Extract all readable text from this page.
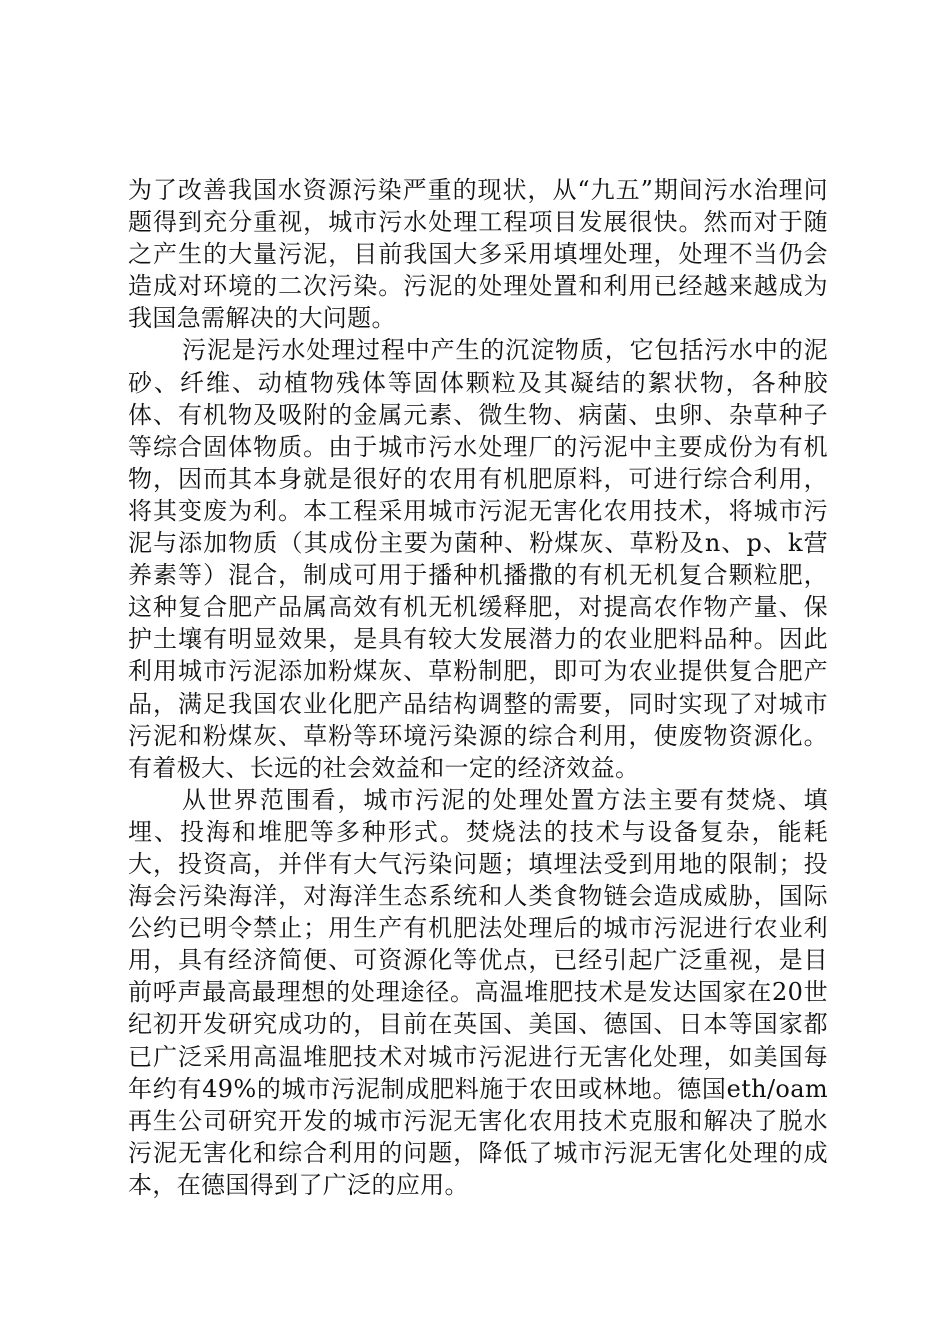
为了改善我国水资源污染严重的现状，从“九五”期间污水治理问题得到充分重视，城市污水处理工程项目发展很快。然而对于随之产生的大量污泥，目前我国大多采用填埋处理，处理不当仍会造成对环境的二次污染。污泥的处理处置和利用已经越来越成为我国急需解决的大问题。

污泥是污水处理过程中产生的沉淀物质，它包括污水中的泥砂、纤维、动植物残体等固体颗粒及其凝结的絮状物，各种胶体、有机物及吸附的金属元素、微生物、病菌、虫卵、杂草种子等综合固体物质。由于城市污水处理厂的污泥中主要成份为有机物，因而其本身就是很好的农用有机肥原料，可进行综合利用，将其变废为利。本工程采用城市污泥无害化农用技术，将城市污泥与添加物质（其成份主要为菌种、粉煤灰、草粉及n、p、k营养素等）混合，制成可用于播种机播撒的有机无机复合颗粒肥，这种复合肥产品属高效有机无机缓释肥，对提高农作物产量、保护土壤有明显效果，是具有较大发展潜力的农业肥料品种。因此利用城市污泥添加粉煤灰、草粉制肥，即可为农业提供复合肥产品，满足我国农业化肥产品结构调整的需要，同时实现了对城市污泥和粉煤灰、草粉等环境污染源的综合利用，使废物资源化。有着极大、长远的社会效益和一定的经济效益。

从世界范围看，城市污泥的处理处置方法主要有焚烧、填埋、投海和堆肥等多种形式。焚烧法的技术与设备复杂，能耗大，投资高，并伴有大气污染问题；填埋法受到用地的限制；投海会污染海洋，对海洋生态系统和人类食物链会造成威胁，国际公约已明令禁止；用生产有机肥法处理后的城市污泥进行农业利用，具有经济简便、可资源化等优点，已经引起广泛重视，是目前呼声最高最理想的处理途径。高温堆肥技术是发达国家在20世纪初开发研究成功的，目前在英国、美国、德国、日本等国家都已广泛采用高温堆肥技术对城市污泥进行无害化处理，如美国每年约有49%的城市污泥制成肥料施于农田或林地。德国eth/oam再生公司研究开发的城市污泥无害化农用技术克服和解决了脱水污泥无害化和综合利用的问题，降低了城市污泥无害化处理的成本，在德国得到了广泛的应用。
